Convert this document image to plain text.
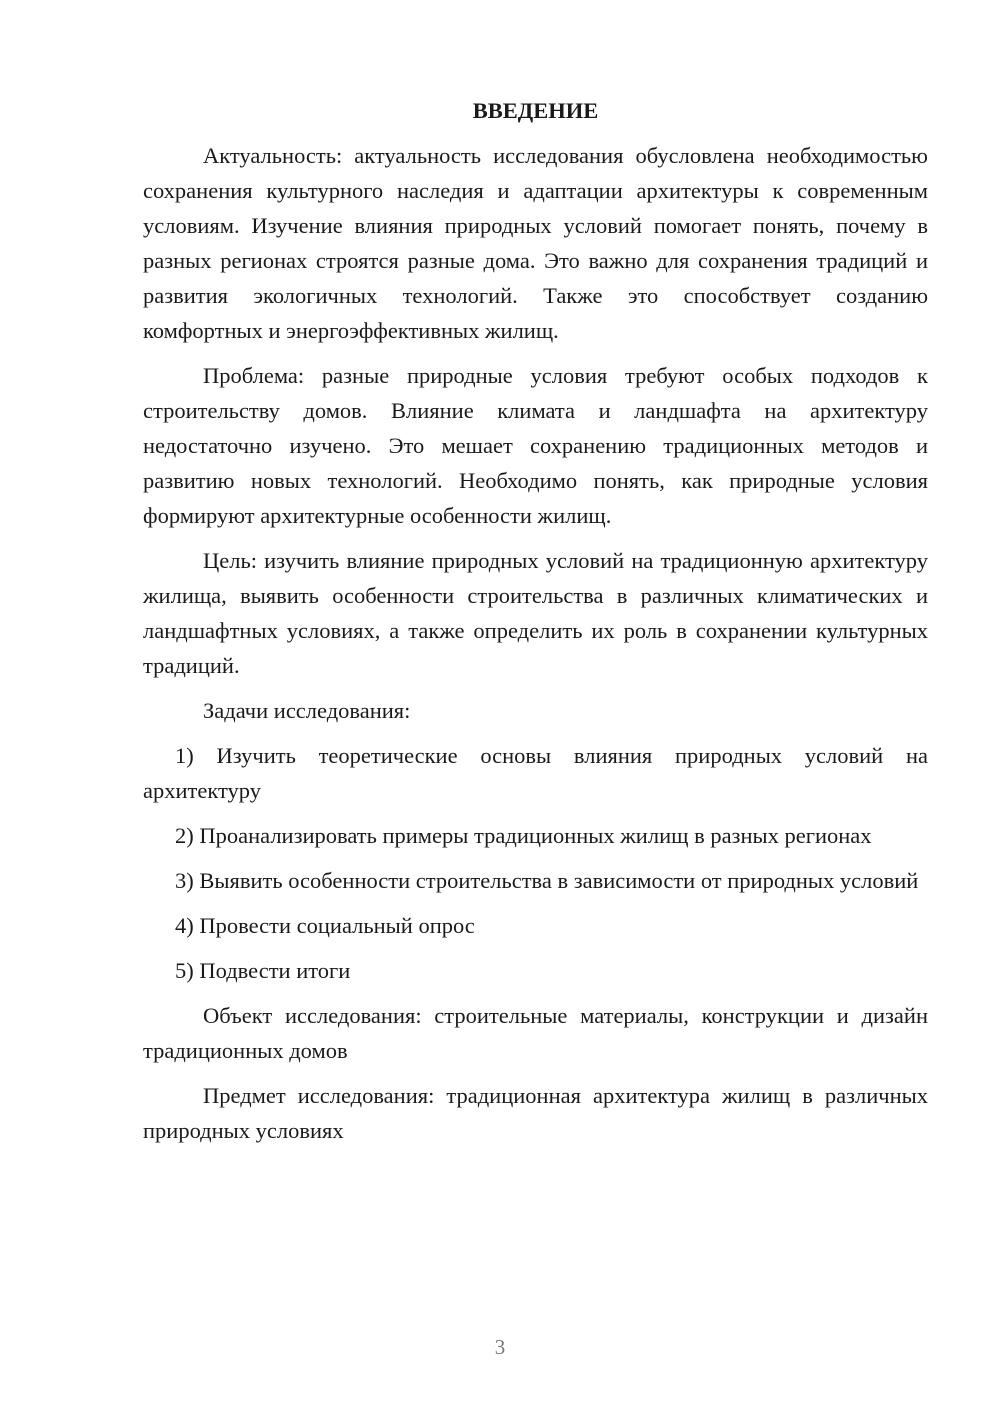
ВВЕДЕНИЕ

Актуальность: актуальность исследования обусловлена необходимостью сохранения культурного наследия и адаптации архитектуры к современным условиям. Изучение влияния природных условий помогает понять, почему в разных регионах строятся разные дома. Это важно для сохранения традиций и развития экологичных технологий. Также это способствует созданию комфортных и энергоэффективных жилищ.

Проблема: разные природные условия требуют особых подходов к строительству домов. Влияние климата и ландшафта на архитектуру недостаточно изучено. Это мешает сохранению традиционных методов и развитию новых технологий. Необходимо понять, как природные условия формируют архитектурные особенности жилищ.

Цель: изучить влияние природных условий на традиционную архитектуру жилища, выявить особенности строительства в различных климатических и ландшафтных условиях, а также определить их роль в сохранении культурных традиций.

Задачи исследования:

1) Изучить теоретические основы влияния природных условий на архитектуру

2) Проанализировать примеры традиционных жилищ в разных регионах

3) Выявить особенности строительства в зависимости от природных условий

4) Провести социальный опрос

5) Подвести итоги

Объект исследования: строительные материалы, конструкции и дизайн традиционных домов

Предмет исследования: традиционная архитектура жилищ в различных природных условиях

3
